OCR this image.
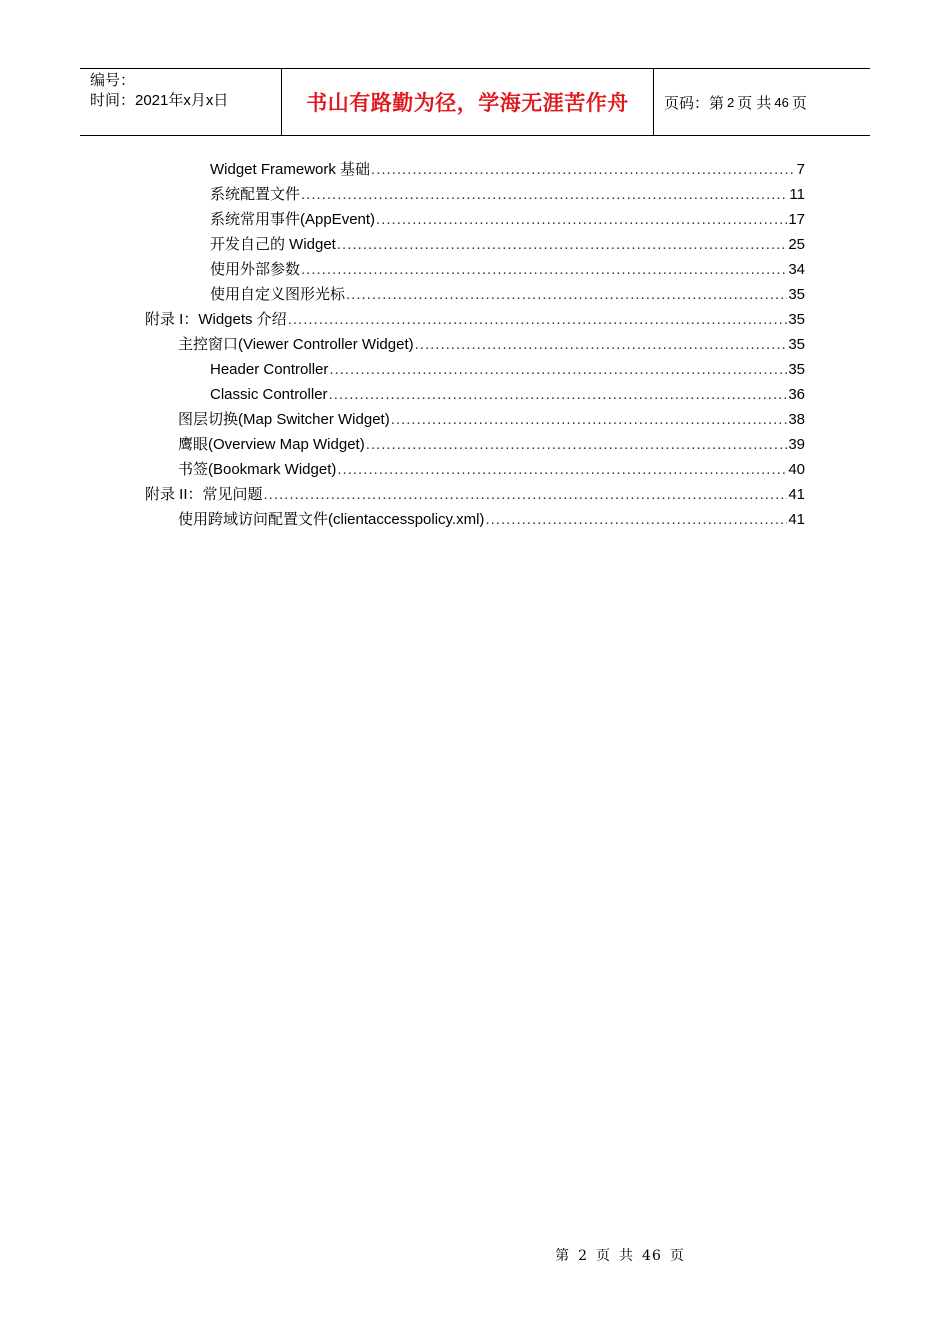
编号：
时间：2021年x月x日	书山有路勤为径，学海无涯苦作舟	页码：第 2 页 共 46 页
Widget Framework 基础 .....	7
系统配置文件 .....	11
系统常用事件(AppEvent) .....	17
开发自己的 Widget .....	25
使用外部参数 .....	34
使用自定义图形光标 .....	35
附录 I：Widgets 介绍 .....	35
主控窗口(Viewer Controller Widget) .....	35
Header Controller .....	35
Classic Controller .....	36
图层切换(Map Switcher Widget) .....	38
鹰眼(Overview Map Widget) .....	39
书签(Bookmark Widget) .....	40
附录 II：常见问题 .....	41
使用跨域访问配置文件(clientaccesspolicy.xml) .....	41
第 2 页 共 46 页
